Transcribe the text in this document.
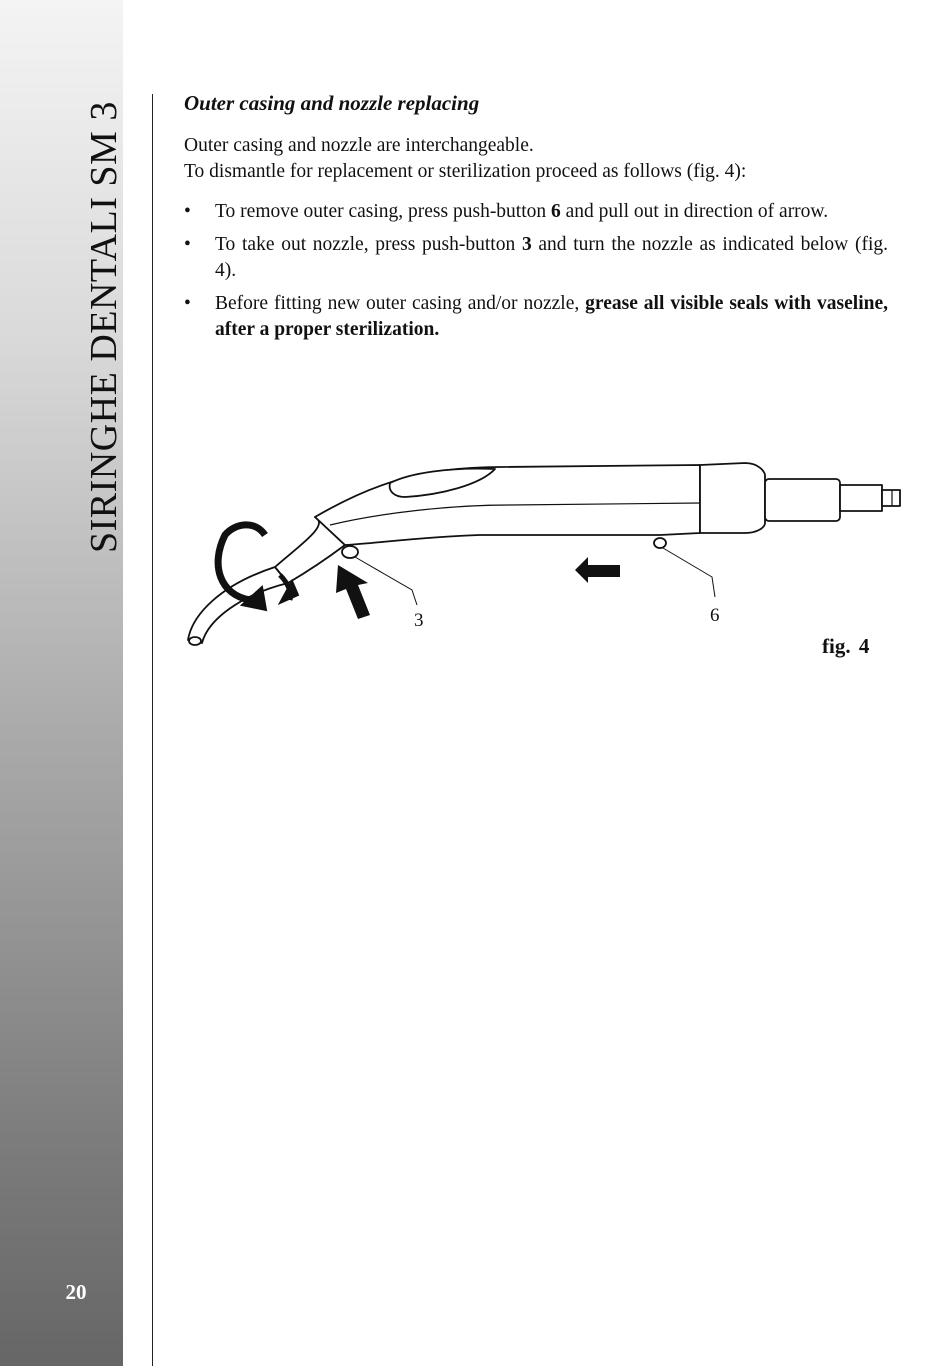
SIRINGHE DENTALI SM 3
20
Outer casing and nozzle replacing

Outer casing and nozzle are interchangeable.

To dismantle for replacement or sterilization proceed as follows (fig. 4):

• To remove outer casing, press push-button 6 and pull out in direction of arrow.
• To take out nozzle, press push-button 3 and turn the nozzle as indicated below (fig. 4).
• Before fitting new outer casing and/or nozzle, grease all visible seals with vaseline, after a proper sterilization.
3	6
fig. 4
